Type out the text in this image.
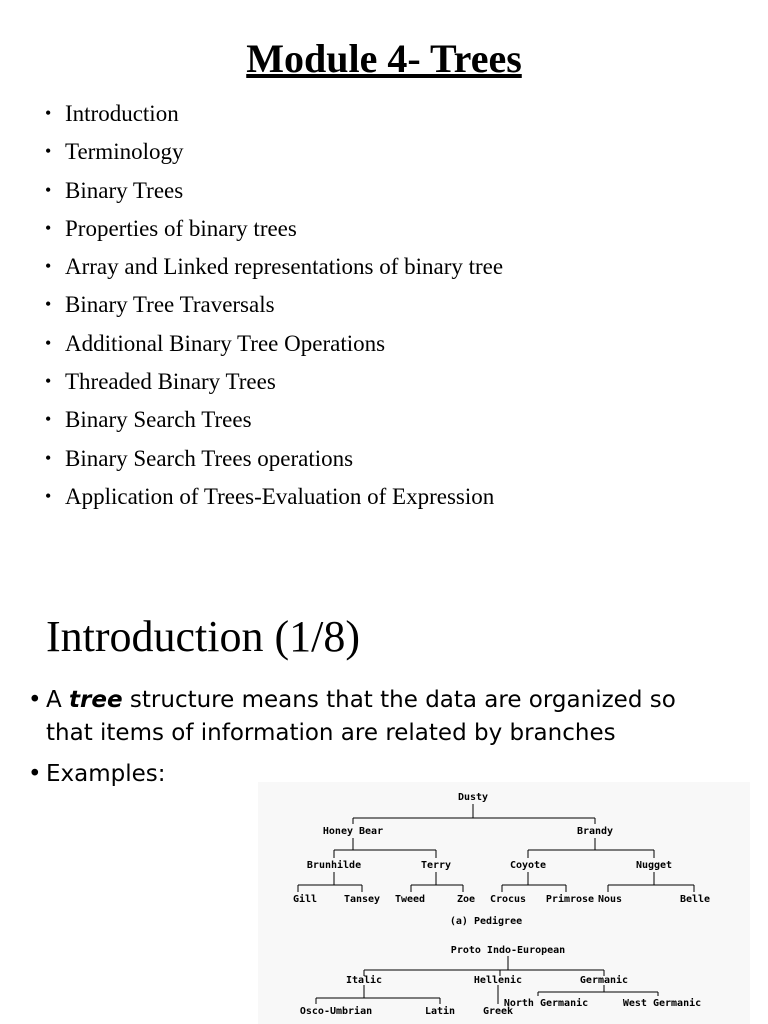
Module 4- Trees
• Introduction
• Terminology
• Binary Trees
• Properties of binary trees
• Array and Linked representations of binary tree
• Binary Tree Traversals
• Additional Binary Tree Operations
• Threaded Binary Trees
• Binary Search Trees
• Binary Search Trees operations
• Application of Trees-Evaluation of Expression
Introduction (1/8)
• A tree structure means that the data are organized so that items of information are related by branches
• Examples:
Dusty
Honey Bear	Brandy
Brunhilde	Terry	Coyote	Nugget
Gill	Tansey Tweed	Zoe Crocus Primrose Nous	Belle
(a) Pedigree
Proto Indo-European
Italic	Hellenic	Germanic
Osco-Umbrian	Latin	Greek
North Germanic	West Germanic
